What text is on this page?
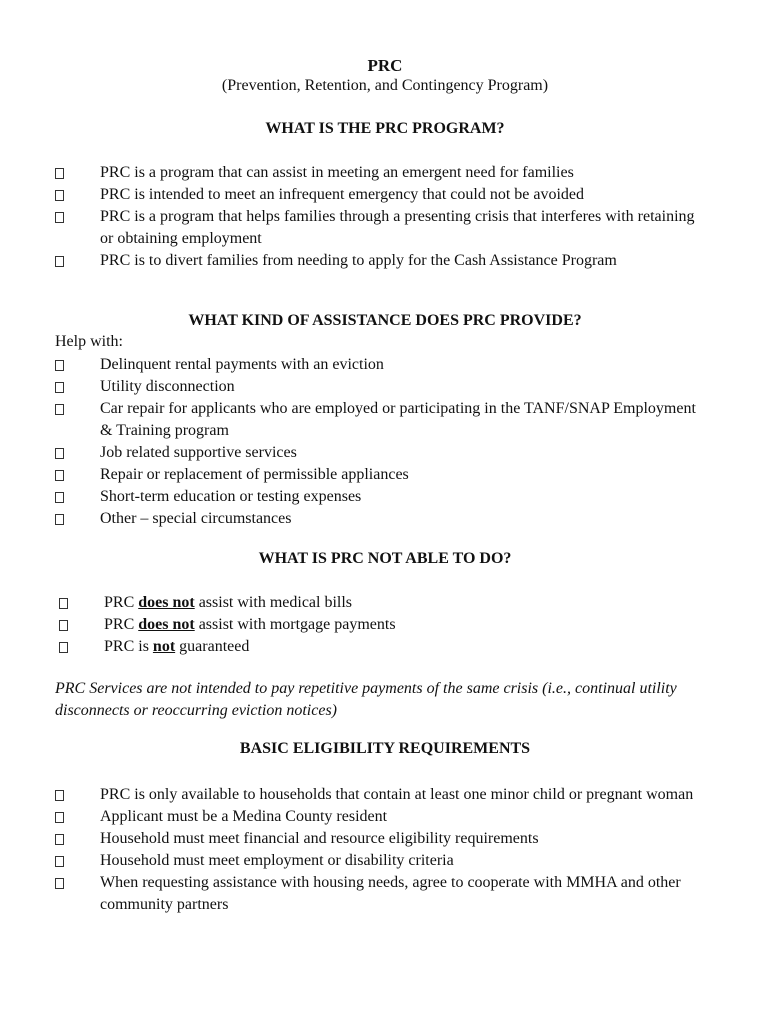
PRC
(Prevention, Retention, and Contingency Program)
WHAT IS THE PRC PROGRAM?
PRC is a program that can assist in meeting an emergent need for families
PRC is intended to meet an infrequent emergency that could not be avoided
PRC is a program that helps families through a presenting crisis that interferes with retaining or obtaining employment
PRC is to divert families from needing to apply for the Cash Assistance Program
WHAT KIND OF ASSISTANCE DOES PRC PROVIDE?
Help with:
Delinquent rental payments with an eviction
Utility disconnection
Car repair for applicants who are employed or participating in the TANF/SNAP Employment & Training program
Job related supportive services
Repair or replacement of permissible appliances
Short-term education or testing expenses
Other – special circumstances
WHAT IS PRC NOT ABLE TO DO?
PRC does not assist with medical bills
PRC does not assist with mortgage payments
PRC is not guaranteed
PRC Services are not intended to pay repetitive payments of the same crisis (i.e., continual utility disconnects or reoccurring eviction notices)
BASIC ELIGIBILITY REQUIREMENTS
PRC is only available to households that contain at least one minor child or pregnant woman
Applicant must be a Medina County resident
Household must meet financial and resource eligibility requirements
Household must meet employment or disability criteria
When requesting assistance with housing needs, agree to cooperate with MMHA and other community partners
